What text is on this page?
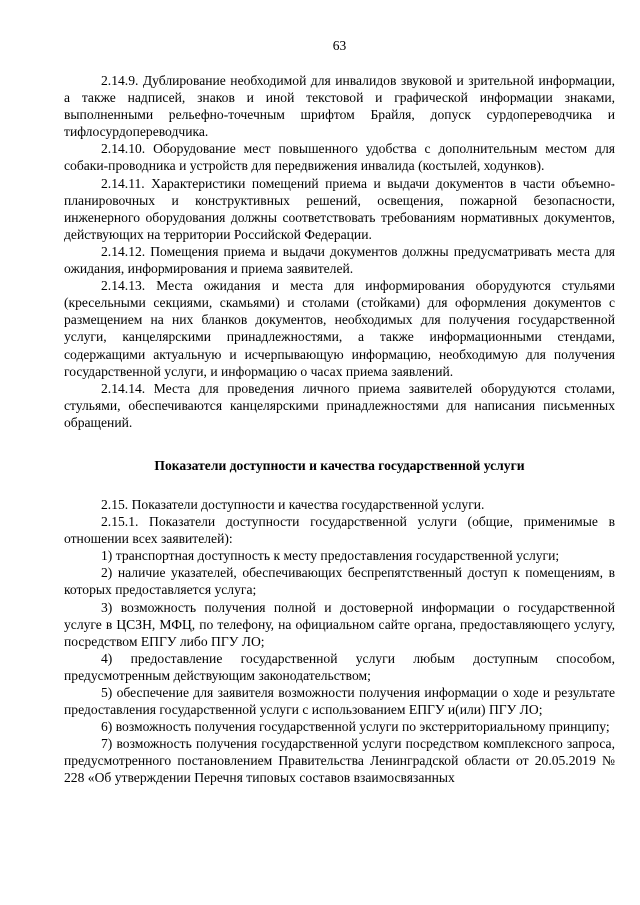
63

2.14.9. Дублирование необходимой для инвалидов звуковой и зрительной информации, а также надписей, знаков и иной текстовой и графической информации знаками, выполненными рельефно-точечным шрифтом Брайля, допуск сурдопереводчика и тифлосурдопереводчика.

2.14.10. Оборудование мест повышенного удобства с дополнительным местом для собаки-проводника и устройств для передвижения инвалида (костылей, ходунков).

2.14.11. Характеристики помещений приема и выдачи документов в части объемно-планировочных и конструктивных решений, освещения, пожарной безопасности, инженерного оборудования должны соответствовать требованиям нормативных документов, действующих на территории Российской Федерации.

2.14.12. Помещения приема и выдачи документов должны предусматривать места для ожидания, информирования и приема заявителей.

2.14.13. Места ожидания и места для информирования оборудуются стульями (кресельными секциями, скамьями) и столами (стойками) для оформления документов с размещением на них бланков документов, необходимых для получения государственной услуги, канцелярскими принадлежностями, а также информационными стендами, содержащими актуальную и исчерпывающую информацию, необходимую для получения государственной услуги, и информацию о часах приема заявлений.

2.14.14. Места для проведения личного приема заявителей оборудуются столами, стульями, обеспечиваются канцелярскими принадлежностями для написания письменных обращений.

Показатели доступности и качества государственной услуги

2.15. Показатели доступности и качества государственной услуги.

2.15.1. Показатели доступности государственной услуги (общие, применимые в отношении всех заявителей):

1) транспортная доступность к месту предоставления государственной услуги;

2) наличие указателей, обеспечивающих беспрепятственный доступ к помещениям, в которых предоставляется услуга;

3) возможность получения полной и достоверной информации о государственной услуге в ЦСЗН, МФЦ, по телефону, на официальном сайте органа, предоставляющего услугу, посредством ЕПГУ либо ПГУ ЛО;

4) предоставление государственной услуги любым доступным способом, предусмотренным действующим законодательством;

5) обеспечение для заявителя возможности получения информации о ходе и результате предоставления государственной услуги с использованием ЕПГУ и(или) ПГУ ЛО;

6) возможность получения государственной услуги по экстерриториальному принципу;

7) возможность получения государственной услуги посредством комплексного запроса, предусмотренного постановлением Правительства Ленинградской области от 20.05.2019 № 228 «Об утверждении Перечня типовых составов взаимосвязанных
